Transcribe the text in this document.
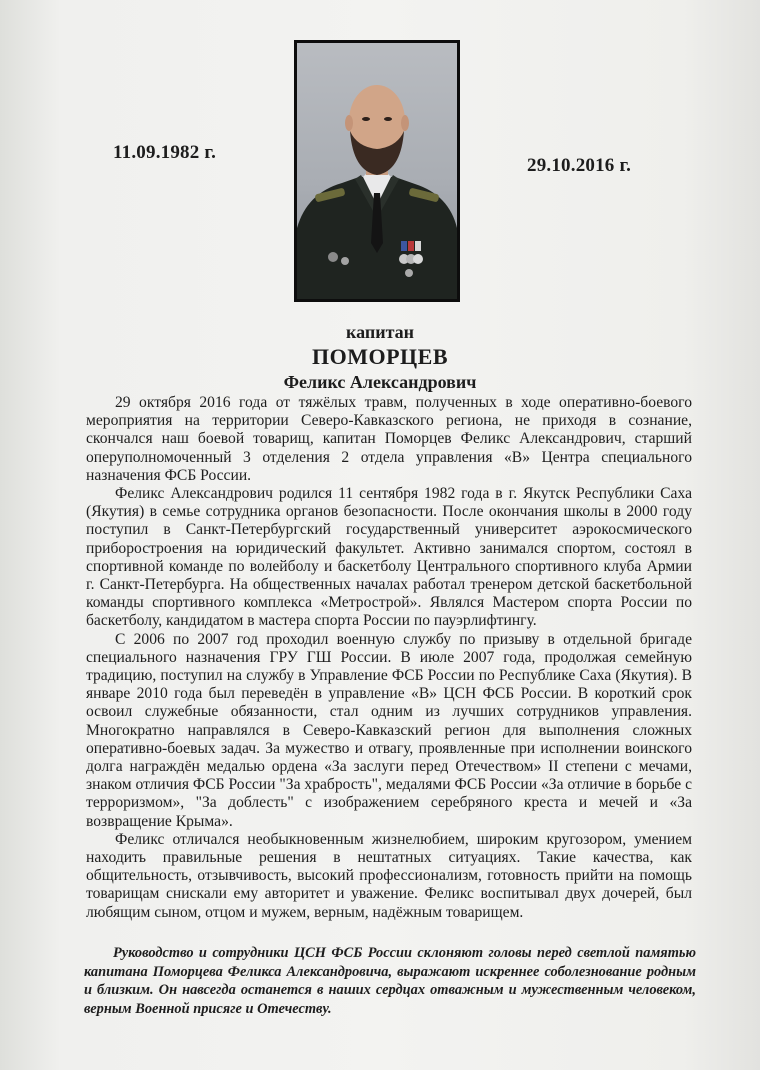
11.09.1982 г.
29.10.2016 г.
капитан
ПОМОРЦЕВ
Феликс Александрович

29 октября 2016 года от тяжёлых травм, полученных в ходе оперативно-боевого мероприятия на территории Северо-Кавказского региона, не приходя в сознание, скончался наш боевой товарищ, капитан Поморцев Феликс Александрович, старший оперуполномоченный 3 отделения 2 отдела управления «В» Центра специального назначения ФСБ России.

Феликс Александрович родился 11 сентября 1982 года в г. Якутск Республики Саха (Якутия) в семье сотрудника органов безопасности. После окончания школы в 2000 году поступил в Санкт-Петербургский государственный университет аэрокосмического приборостроения на юридический факультет. Активно занимался спортом, состоял в спортивной команде по волейболу и баскетболу Центрального спортивного клуба Армии г. Санкт-Петербурга. На общественных началах работал тренером детской баскетбольной команды спортивного комплекса «Метрострой». Являлся Мастером спорта России по баскетболу, кандидатом в мастера спорта России по пауэрлифтингу.

С 2006 по 2007 год проходил военную службу по призыву в отдельной бригаде специального назначения ГРУ ГШ России. В июле 2007 года, продолжая семейную традицию, поступил на службу в Управление ФСБ России по Республике Саха (Якутия). В январе 2010 года был переведён в управление «В» ЦСН ФСБ России. В короткий срок освоил служебные обязанности, стал одним из лучших сотрудников управления. Многократно направлялся в Северо-Кавказский регион для выполнения сложных оперативно-боевых задач. За мужество и отвагу, проявленные при исполнении воинского долга награждён медалью ордена «За заслуги перед Отечеством» II степени с мечами, знаком отличия ФСБ России "За храбрость", медалями ФСБ России «За отличие в борьбе с терроризмом», "За доблесть" с изображением серебряного креста и мечей и «За возвращение Крыма».

Феликс отличался необыкновенным жизнелюбием, широким кругозором, умением находить правильные решения в нештатных ситуациях. Такие качества, как общительность, отзывчивость, высокий профессионализм, готовность прийти на помощь товарищам снискали ему авторитет и уважение. Феликс воспитывал двух дочерей, был любящим сыном, отцом и мужем, верным, надёжным товарищем.

Руководство и сотрудники ЦСН ФСБ России склоняют головы перед светлой памятью капитана Поморцева Феликса Александровича, выражают искреннее соболезнование родным и близким. Он навсегда останется в наших сердцах отважным и мужественным человеком, верным Военной присяге и Отечеству.
